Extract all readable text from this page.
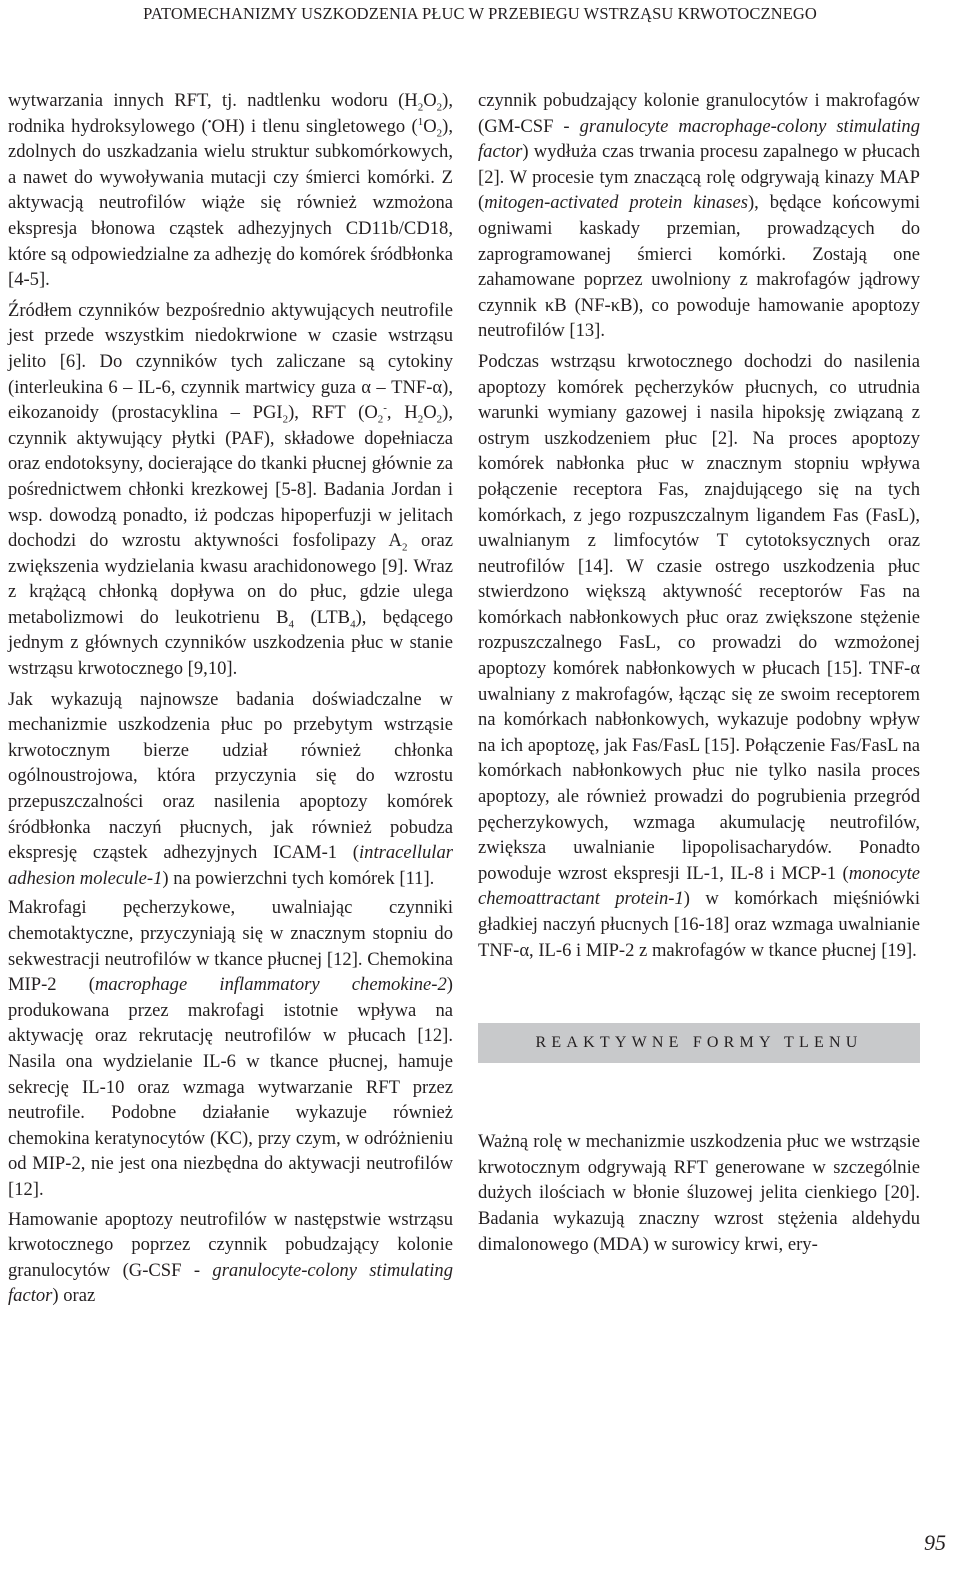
PATOMECHANIZMY USZKODZENIA PŁUC W PRZEBIEGU WSTRZĄSU KRWOTOCZNEGO

wytwarzania innych RFT, tj. nadtlenku wodoru $(H_2O_2)$, rodnika hydroksylowego (•OH) i tlenu singletowego $(^1O_2)$, zdolnych do uszkadzania wielu struktur subkomórkowych, a nawet do wywoływania mutacji czy śmierci komórki. Z aktywacją neutrofilów wiąże się również wzmożona ekspresja błonowa cząstek adhezyjnych CD11b/CD18, które są odpowiedzialne za adhezję do komórek śródbłonka [4-5].

Źródłem czynników bezpośrednio aktywujących neutrofile jest przede wszystkim niedokrwione w czasie wstrząsu jelito [6]. Do czynników tych zaliczane są cytokiny (interleukina 6 – IL-6, czynnik martwicy guza α – TNF-α), eikozanoidy (prostacyklina – $PGI_2$), RFT ($O_2^-$, $H_2O_2$), czynnik aktywujący płytki (PAF), składowe dopełniacza oraz endotoksyny, docierające do tkanki płucnej głównie za pośrednictwem chłonki krezkowej [5-8]. Badania Jordan i wsp. dowodzą ponadto, iż podczas hipoperfuzji w jelitach dochodzi do wzrostu aktywności fosfolipazy $A_2$ oraz zwiększenia wydzielania kwasu arachidonowego [9]. Wraz z krążącą chłonką dopływa on do płuc, gdzie ulega metabolizmowi do leukotrienu $B_4$ $(LTB_4)$, będącego jednym z głównych czynników uszkodzenia płuc w stanie wstrząsu krwotocznego [9,10].

Jak wykazują najnowsze badania doświadczalne w mechanizmie uszkodzenia płuc po przebytym wstrząsie krwotocznym bierze udział również chłonka ogólnoustrojowa, która przyczynia się do wzrostu przepuszczalności oraz nasilenia apoptozy komórek śródbłonka naczyń płucnych, jak również pobudza ekspresję cząstek adhezyjnych ICAM-1 (intracellular adhesion molecule-1) na powierzchni tych komórek [11].

Makrofagi pęcherzykowe, uwalniając czynniki chemotaktyczne, przyczyniają się w znacznym stopniu do sekwestracji neutrofilów w tkance płucnej [12]. Chemokina MIP-2 (macrophage inflammatory chemokine-2) produkowana przez makrofagi istotnie wpływa na aktywację oraz rekrutację neutrofilów w płucach [12]. Nasila ona wydzielanie IL-6 w tkance płucnej, hamuje sekrecję IL-10 oraz wzmaga wytwarzanie RFT przez neutrofile. Podobne działanie wykazuje również chemokina keratynocytów (KC), przy czym, w odróżnieniu od MIP-2, nie jest ona niezbędna do aktywacji neutrofilów [12].

Hamowanie apoptozy neutrofilów w następstwie wstrząsu krwotocznego poprzez czynnik pobudzający kolonie granulocytów (G-CSF - granulocyte-colony stimulating factor) oraz

czynnik pobudzający kolonie granulocytów i makrofagów (GM-CSF - granulocyte macrophage-colony stimulating factor) wydłuża czas trwania procesu zapalnego w płucach [2]. W procesie tym znaczącą rolę odgrywają kinazy MAP (mitogen-activated protein kinases), będące końcowymi ogniwami kaskady przemian, prowadzących do zaprogramowanej śmierci komórki. Zostają one zahamowane poprzez uwolniony z makrofagów jądrowy czynnik κB (NF-κB), co powoduje hamowanie apoptozy neutrofilów [13].

Podczas wstrząsu krwotocznego dochodzi do nasilenia apoptozy komórek pęcherzyków płucnych, co utrudnia warunki wymiany gazowej i nasila hipoksję związaną z ostrym uszkodzeniem płuc [2]. Na proces apoptozy komórek nabłonka płuc w znacznym stopniu wpływa połączenie receptora Fas, znajdującego się na tych komórkach, z jego rozpuszczalnym ligandem Fas (FasL), uwalnianym z limfocytów T cytotoksycznych oraz neutrofilów [14]. W czasie ostrego uszkodzenia płuc stwierdzono większą aktywność receptorów Fas na komórkach nabłonkowych płuc oraz zwiększone stężenie rozpuszczalnego FasL, co prowadzi do wzmożonej apoptozy komórek nabłonkowych w płucach [15]. TNF-α uwalniany z makrofagów, łącząc się ze swoim receptorem na komórkach nabłonkowych, wykazuje podobny wpływ na ich apoptozę, jak Fas/FasL [15]. Połączenie Fas/FasL na komórkach nabłonkowych płuc nie tylko nasila proces apoptozy, ale również prowadzi do pogrubienia przegród pęcherzykowych, wzmaga akumulację neutrofilów, zwiększa uwalnianie lipopolisacharydów. Ponadto powoduje wzrost ekspresji IL-1, IL-8 i MCP-1 (monocyte chemoattractant protein-1) w komórkach mięśniówki gładkiej naczyń płucnych [16-18] oraz wzmaga uwalnianie TNF-α, IL-6 i MIP-2 z makrofagów w tkance płucnej [19].

REAKTYWNE FORMY TLENU

Ważną rolę w mechanizmie uszkodzenia płuc we wstrząsie krwotocznym odgrywają RFT generowane w szczególnie dużych ilościach w błonie śluzowej jelita cienkiego [20]. Badania wykazują znaczny wzrost stężenia aldehydu dimalonowego (MDA) w surowicy krwi, ery-

95
